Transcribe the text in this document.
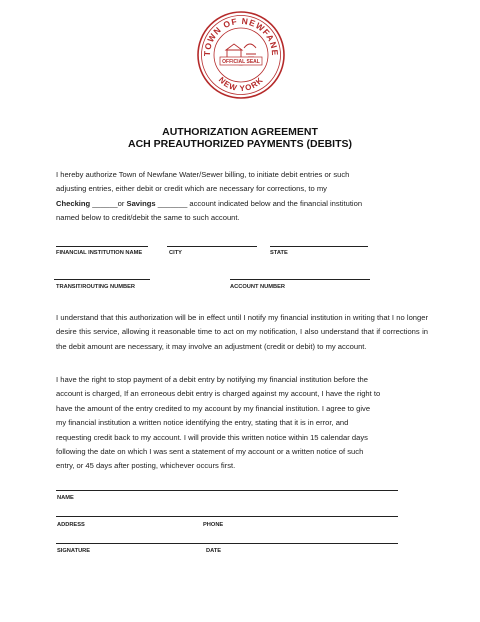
TOWN OF NEWFANE
NEW YORK
OFFICIAL SEAL
AUTHORIZATION AGREEMENT
ACH PREAUTHORIZED PAYMENTS (DEBITS)
I hereby authorize Town of Newfane Water/Sewer billing, to initiate debit entries or such
adjusting entries, either debit or credit which are necessary for corrections, to my
Checking ______or Savings _______ account indicated below and the financial institution
named below to credit/debit the same to such account.
FINANCIAL INSTITUTION NAME	CITY	STATE
TRANSIT/ROUTING NUMBER	ACCOUNT NUMBER

I understand that this authorization will be in effect until I notify my financial institution in writing that I no longer desire this service, allowing it reasonable time to act on my notification, I also understand that if corrections in the debit amount are necessary, it may involve an adjustment (credit or debit) to my account.

I have the right to stop payment of a debit entry by notifying my financial institution before the
account is charged, If an erroneous debit entry is charged against my account, I have the right to
have the amount of the entry credited to my account by my financial institution. I agree to give
my financial institution a written notice identifying the entry, stating that it is in error, and
requesting credit back to my account. I will provide this written notice within 15 calendar days
following the date on which I was sent a statement of my account or a written notice of such
entry, or 45 days after posting, whichever occurs first.
NAME
ADDRESS	PHONE
SIGNATURE	DATE
